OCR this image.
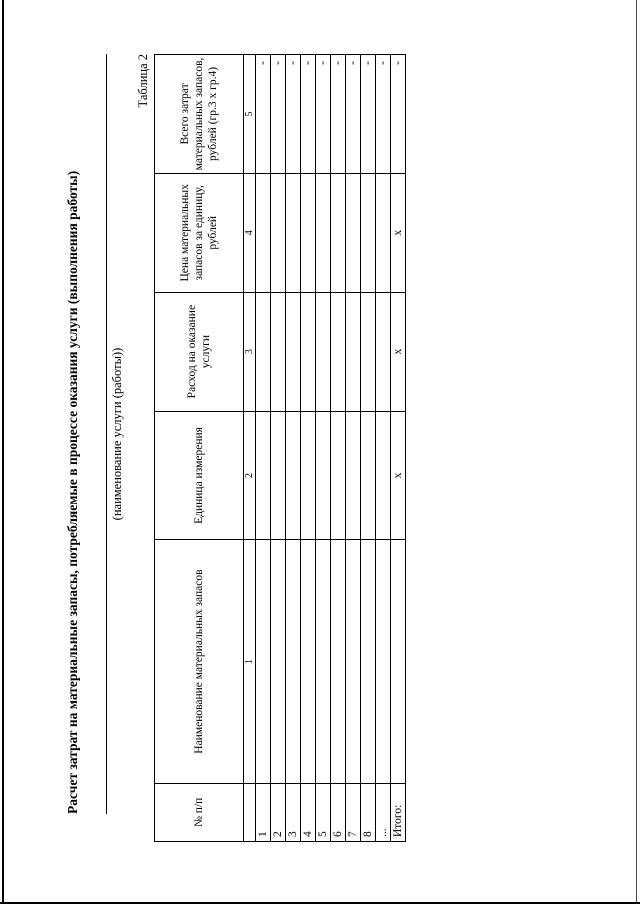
Расчет затрат на материальные запасы, потребляемые в процессе оказания услуги (выполнения работы) (наименование услуги (работы))
Таблица 2
№ п/п	Наименование материальных запасов	Единица измерения	Расход на оказание услуги	Цена материальных запасов за единицу, рублей	Всего затрат материальных запасов, рублей (гр.3 х гр.4)
	1	2	3	4	5
1					-
2					-
3					-
4					-
5					-
6					-
7					-
8					-
...					-
Итого:		х	х	х	-
